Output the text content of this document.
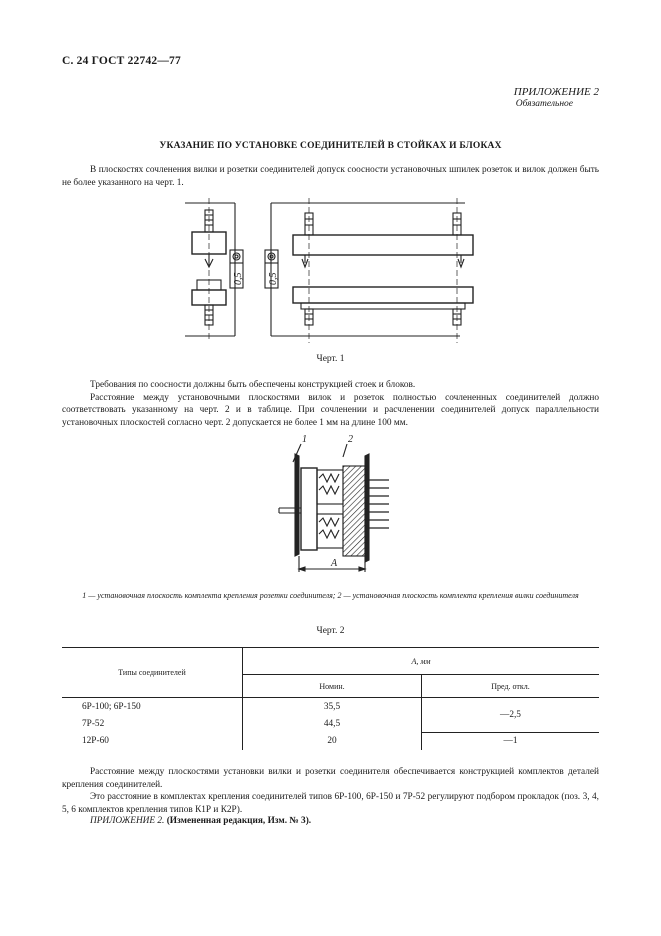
С. 24 ГОСТ 22742—77
ПРИЛОЖЕНИЕ 2
Обязательное
УКАЗАНИЕ ПО УСТАНОВКЕ СОЕДИНИТЕЛЕЙ В СТОЙКАХ И БЛОКАХ
В плоскостях сочленения вилки и розетки соединителей допуск соосности установочных шпилек розеток и вилок должен быть не более указанного на черт. 1.
0,5 0,5
Черт. 1
Требования по соосности должны быть обеспечены конструкцией стоек и блоков.
Расстояние между установочными плоскостями вилок и розеток полностью сочлененных соединителей должно соответствовать указанному на черт. 2 и в таблице. При сочленении и расчленении соединителей допуск параллельности установочных плоскостей согласно черт. 2 допускается не более 1 мм на длине 100 мм.
1	2
А
1 — установочная плоскость комплекта крепления розетки соединителя; 2 — установочная плоскость комплекта крепления вилки соединителя
Черт. 2
Типы соединителей	А, мм	
	Номин.	Пред. откл.
6Р-100; 6Р-150	35,5	—2,5
7Р-52	44,5	
12Р-60	20	—1
Расстояние между плоскостями установки вилки и розетки соединителя обеспечивается конструкцией комплектов деталей крепления соединителей.
Это расстояние в комплектах крепления соединителей типов 6Р-100, 6Р-150 и 7Р-52 регулируют подбором прокладок (поз. 3, 4, 5, 6 комплектов крепления типов К1Р и К2Р).
ПРИЛОЖЕНИЕ 2. (Измененная редакция, Изм. № 3).
